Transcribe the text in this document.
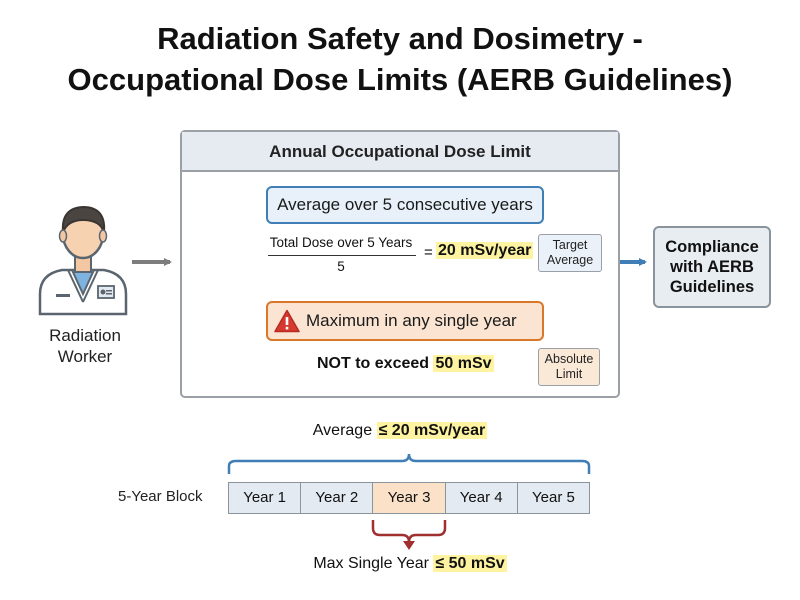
Radiation Safety and Dosimetry -
Occupational Dose Limits (AERB Guidelines)
Radiation
Worker
Annual Occupational Dose Limit
Average over 5 consecutive years
Total Dose over 5 Years
5
= 20 mSv/year	Target
Average
Maximum in any single year
NOT to exceed 50 mSv	Absolute
Limit
Compliance
with AERB
Guidelines
Average ≤ 20 mSv/year
5-Year Block	Year 1	Year 2	Year 3	Year 4	Year 5
Max Single Year ≤ 50 mSv
